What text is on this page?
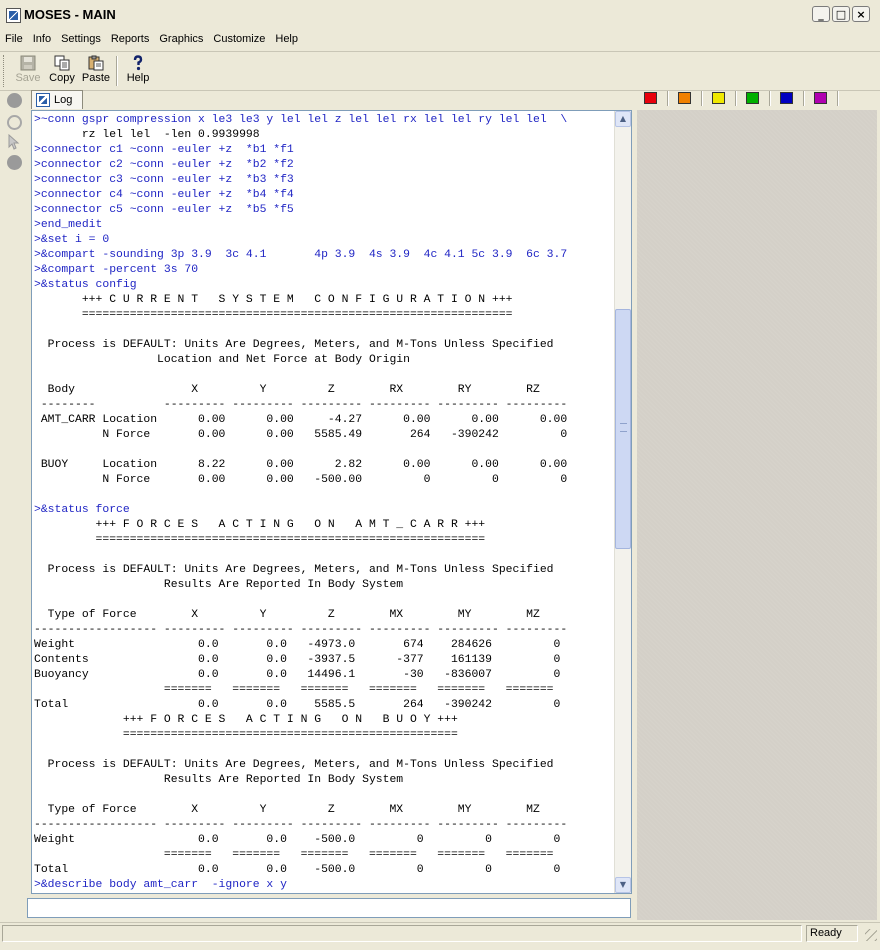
MOSES - MAIN	_	□ ×
File Info Settings Reports Graphics Customize Help
Save Copy Paste	Help
Log
>~conn gspr compression x le3 le3 y lel lel z lel lel rx lel lel ry lel lel  \
rz lel lel  -len 0.9939998
>connector c1 ~conn -euler +z  *b1 *f1
>connector c2 ~conn -euler +z  *b2 *f2
>connector c3 ~conn -euler +z  *b3 *f3
>connector c4 ~conn -euler +z  *b4 *f4
>connector c5 ~conn -euler +z  *b5 *f5
>end_medit
>&set i = 0
>&compart -sounding 3p 3.9  3c 4.1       4p 3.9  4s 3.9  4c 4.1 5c 3.9  6c 3.7
>&compart -percent 3s 70
>&status config
+++ C U R R E N T   S Y S T E M   C O N F I G U R A T I O N +++
===============================================================
Process is DEFAULT: Units Are Degrees, Meters, and M-Tons Unless Specified
Location and Net Force at Body Origin
Body                 X         Y         Z        RX        RY        RZ
--------          --------- --------- --------- --------- --------- ---------
AMT_CARR Location      0.00      0.00     -4.27      0.00      0.00      0.00
N Force       0.00      0.00   5585.49       264   -390242         0
BUOY     Location      8.22      0.00      2.82      0.00      0.00      0.00
N Force       0.00      0.00   -500.00         0         0         0
>&status force
+++ F O R C E S   A C T I N G   O N   A M T _ C A R R +++
=========================================================
Process is DEFAULT: Units Are Degrees, Meters, and M-Tons Unless Specified
Results Are Reported In Body System
Type of Force        X         Y         Z        MX        MY        MZ
------------------ --------- --------- --------- --------- --------- ---------
Weight                  0.0       0.0   -4973.0       674    284626         0
Contents                0.0       0.0   -3937.5      -377    161139         0
Buoyancy                0.0       0.0   14496.1       -30   -836007         0
=======   =======   =======   =======   =======   =======
Total                   0.0       0.0    5585.5       264   -390242         0
+++ F O R C E S   A C T I N G   O N   B U O Y +++
=================================================
Process is DEFAULT: Units Are Degrees, Meters, and M-Tons Unless Specified
Results Are Reported In Body System
Type of Force        X         Y         Z        MX        MY        MZ
------------------ --------- --------- --------- --------- --------- ---------
Weight                  0.0       0.0    -500.0         0         0         0
=======   =======   =======   =======   =======   =======
Total                   0.0       0.0    -500.0         0         0         0
>&describe body amt_carr  -ignore x y
▲
▼
Ready
